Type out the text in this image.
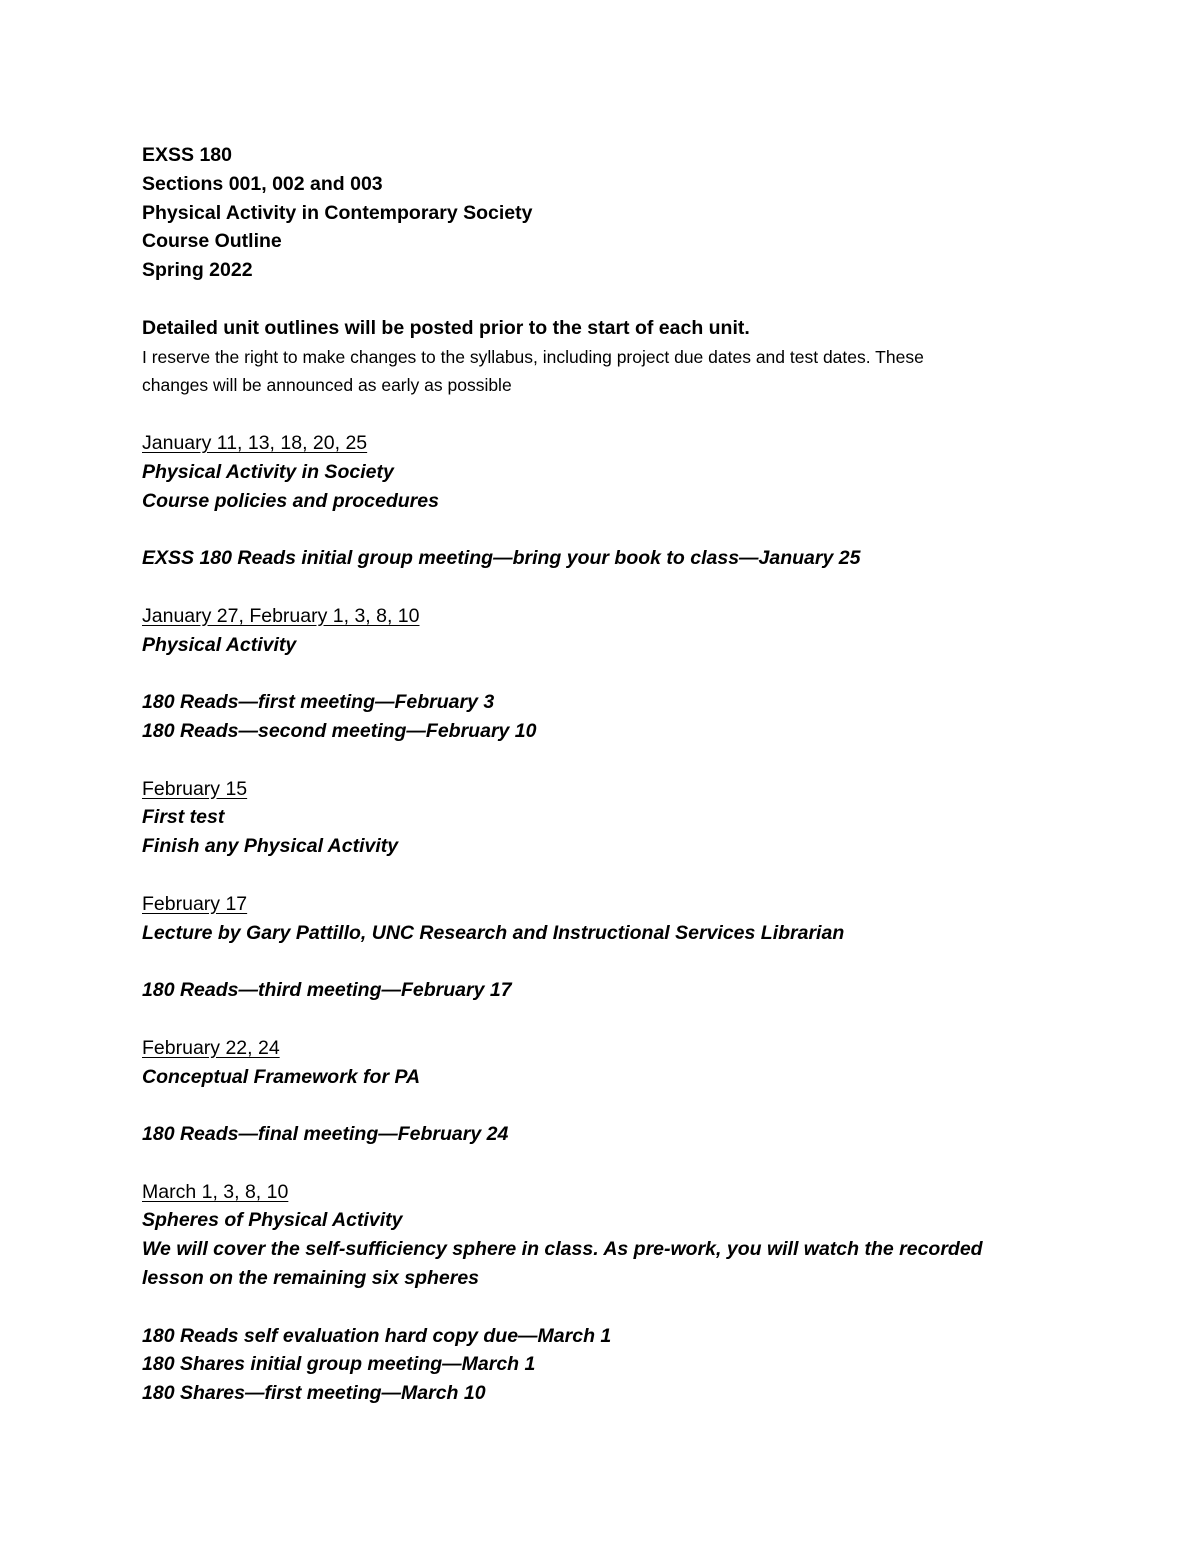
EXSS 180
Sections 001, 002 and 003
Physical Activity in Contemporary Society
Course Outline
Spring 2022
Detailed unit outlines will be posted prior to the start of each unit.
I reserve the right to make changes to the syllabus, including project due dates and test dates. These
changes will be announced as early as possible
January 11, 13, 18, 20, 25
Physical Activity in Society
Course policies and procedures
EXSS 180 Reads initial group meeting—bring your book to class—January 25
January 27, February 1, 3, 8, 10
Physical Activity
180 Reads—first meeting—February 3
180 Reads—second meeting—February 10
February 15
First test
Finish any Physical Activity
February 17
Lecture by Gary Pattillo, UNC Research and Instructional Services Librarian
180 Reads—third meeting—February 17
February 22, 24
Conceptual Framework for PA
180 Reads—final meeting—February 24
March 1, 3, 8, 10
Spheres of Physical Activity
We will cover the self-sufficiency sphere in class. As pre-work, you will watch the recorded
lesson on the remaining six spheres
180 Reads self evaluation hard copy due—March 1
180 Shares initial group meeting—March 1
180 Shares—first meeting—March 10
